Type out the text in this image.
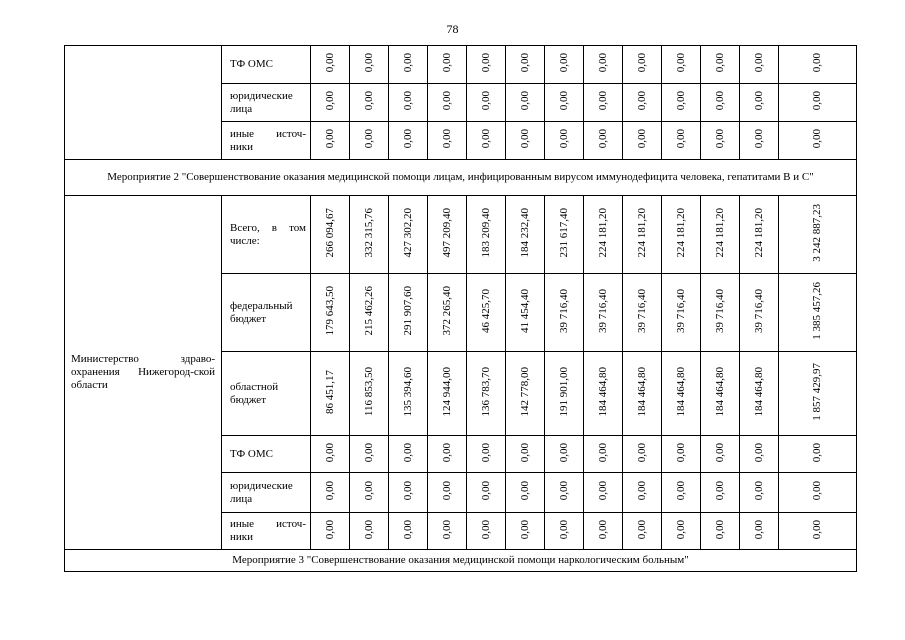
78
	ТФ ОМС	0,00	0,00	0,00	0,00	0,00	0,00	0,00	0,00	0,00	0,00	0,00	0,00	0,00
	юридические лица	0,00	0,00	0,00	0,00	0,00	0,00	0,00	0,00	0,00	0,00	0,00	0,00	0,00
	иные источ-ники	0,00	0,00	0,00	0,00	0,00	0,00	0,00	0,00	0,00	0,00	0,00	0,00	0,00
Мероприятие 2 "Совершенствование оказания медицинской помощи лицам, инфицированным вирусом иммунодефицита человека, гепатитами В и С"														
Министерство здраво-охранения Нижегород-ской области	Всего, в том числе:	266 094,67	332 315,76	427 302,20	497 209,40	183 209,40	184 232,40	231 617,40	224 181,20	224 181,20	224 181,20	224 181,20	224 181,20	3 242 887,23
	федеральный бюджет	179 643,50	215 462,26	291 907,60	372 265,40	46 425,70	41 454,40	39 716,40	39 716,40	39 716,40	39 716,40	39 716,40	39 716,40	1 385 457,26
	областной бюджет	86 451,17	116 853,50	135 394,60	124 944,00	136 783,70	142 778,00	191 901,00	184 464,80	184 464,80	184 464,80	184 464,80	184 464,80	1 857 429,97
	ТФ ОМС	0,00	0,00	0,00	0,00	0,00	0,00	0,00	0,00	0,00	0,00	0,00	0,00	0,00
	юридические лица	0,00	0,00	0,00	0,00	0,00	0,00	0,00	0,00	0,00	0,00	0,00	0,00	0,00
	иные источ-ники	0,00	0,00	0,00	0,00	0,00	0,00	0,00	0,00	0,00	0,00	0,00	0,00	0,00
Мероприятие 3 "Совершенствование оказания медицинской помощи наркологическим больным"														
